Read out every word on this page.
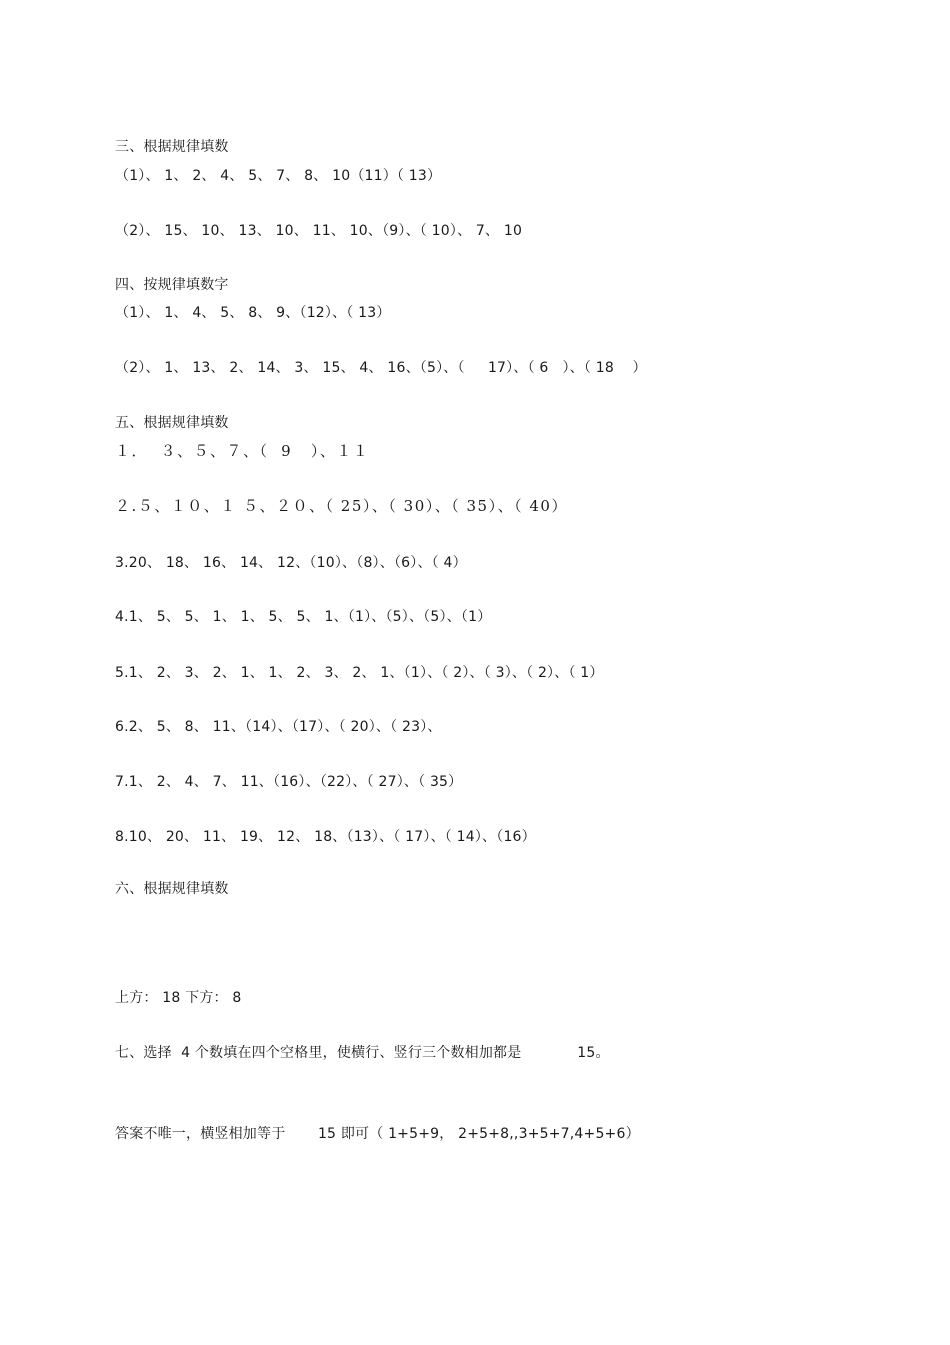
三、根据规律填数
（1）、 1、 2、 4、 5、 7、 8、 10（11）（ 13）
（2）、 15、 10、 13、 10、 11、 10、（9）、（ 10）、 7、 10
四、按规律填数字
（1）、 1、 4、 5、 8、 9、（12）、（ 13）
（2）、 1、 13、 2、 14、 3、 15、 4、 16、（5）、（     17）、（ 6   ）、（ 18    ）
五、根据规律填数
１．  ３、５、７、（  9   ）、１１
２.５、１０、１ ５、２０、（ 25）、（ 30）、（ 35）、（ 40）
3.20、 18、 16、 14、 12、（10）、（8）、（6）、（ 4）
4.1、 5、 5、 1、 1、 5、 5、 1、（1）、（5）、（5）、（1）
5.1、 2、 3、 2、 1、 1、 2、 3、 2、 1、（1）、（ 2）、（ 3）、（ 2）、（ 1）
6.2、 5、 8、 11、（14）、（17）、（ 20）、（ 23）、
7.1、 2、 4、 7、 11、（16）、（22）、（ 27）、（ 35）
8.10、 20、 11、 19、 12、 18、（13）、（ 17）、（ 14）、（16）
六、根据规律填数
上方： 18 下方： 8
七、选择  4 个数填在四个空格里，使横行、竖行三个数相加都是            15。
答案不唯一，横竖相加等于       15 即可（ 1+5+9， 2+5+8,,3+5+7,4+5+6）
